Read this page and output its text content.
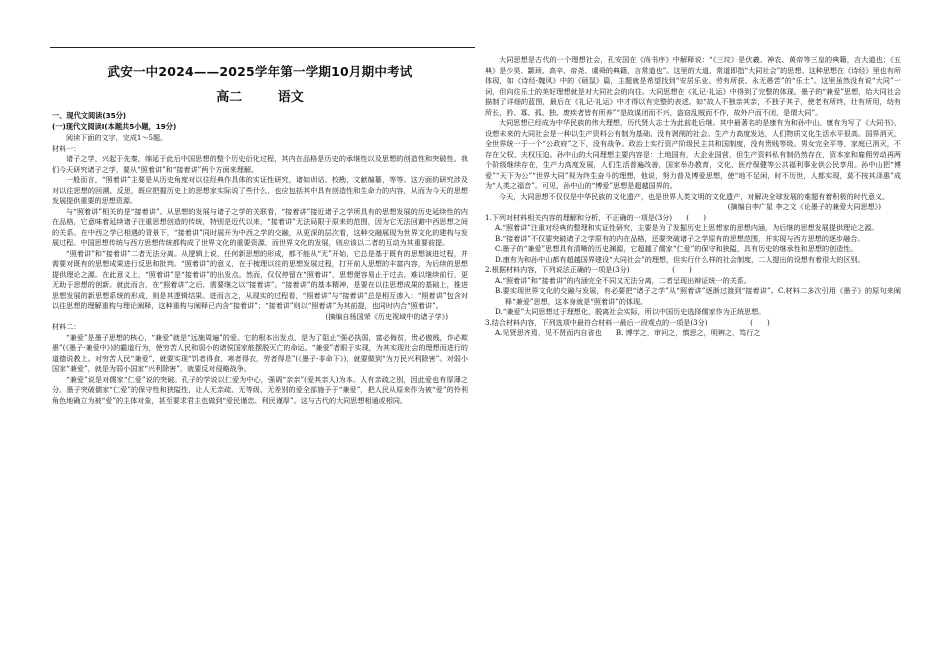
武安一中2024——2025学年第一学期10月期中考试
高二　 语文
一、现代文阅读(35分)
(一)现代文阅读Ⅰ(本题共5小题，19分)

阅读下面的文字，完成1～5题。

材料一：

诸子之学，兴起于先秦，绵延于此后中国思想的整个历史衍化过程，其内在品格是历史的承继性以及思想的创造性和突破性。我们今天研究诸子之学，要从“照着讲”和“接着讲”两个方面来理解。

一般而言，“照着讲”主要是从历史角度对以往经典作具体的实证性研究，诸如训诂、校勘、文献编纂，等等。这方面的研究涉及对以往思想的回溯、反思，既应把握历史上的思想家实际说了些什么，也应包括其中具有创造性和生命力的内容，从而为今天的思想发展提供重要的思想资源。

与“照着讲”相关的是“接着讲”。从思想的发展与诸子之学的关联看，“接着讲”接近诸子之学所具有的思想发展的历史延续性的内在品格，它意味着延续诸子注重思想创造的传统，特别是近代以来，“接着讲”无法局限于原来的范围，因为它无法回避中西思想之间的关系。在中西之学已相遇的背景下，“接着讲”同时展开为中西之学的交融，从更深的层次看，这种交融展现为世界文化的建构与发展过程。中国思想传统与西方思想传统都构成了世界文化的重要资源，而世界文化的发展，则应该以二者的互动为其重要前提。

“照着讲”和“接着讲”二者无法分离。从逻辑上说，任何新思想的形成，都不能从“无”开始，它总是基于既有的思想演进过程，并需要对既有的思想成果进行反思和批判。“照着讲”的意义，在于梳理以往的思想发展过程，打开前人思想的丰富内容，为后续的思想提供理论之源。在此意义上，“照着讲”是“接着讲”的出发点。然而，仅仅停留在“照着讲”，思想便容易止于过去，难以继续前行，更无助于思想的创新。就此而言，在“照着讲”之后，需要继之以“接着讲”。“接着讲”的基本精神，是要在以往思想成果的基础上，推进思想发展的新思想系统的形成，则是其逻辑结果。进而言之，从现实的过程看，“照着讲”与“接着讲”总是相互渗入：“照着讲”包含对以往思想的理解重构与理论阐释，这种重构与阐释已内含“接着讲”；“接着讲”则以“照着讲”为其前提，也同时内合“照着讲”。

(摘编自杨国荣《历史视域中的诸子学》)

材料二：

“兼爱”是墨子思想的核心，“兼爱”就是“远施周遍”的爱。它的根本出发点，是为了阻止“强必执弱，富必侮贫，贵必傲贱，诈必欺愚”(《墨子·兼爱中》)的霸道行为，使穷苦人民和弱小的诸侯国家能摆脱灭亡的命运。“兼爱”者眼于实现，为其实现社会的理想而进行的道德说教上。对穷苦人民“兼爱”，就要实现“饥者得食，寒者得衣，劳者得息”(《墨子·非命下》)，就要做到“为万民兴利除害”。对弱小国家“兼爱”，就是为弱小国家“兴利除害”，就要反对侵略战争。

“兼爱”说是对儒家“仁爱”说的突破。孔子的学说以仁爱为中心，强调“亲亲”(爱其亲人)为本。人有亲疏之别，因此爱也有厚薄之分。墨子突破儒家“仁爱”的保守性和狭隘性，让人无亲疏、无等级、无差别的爱全部施予于“兼爱”，把人民从原来作为被“爱”的怜利角色地确立为被“爱”的主体对象，甚至要求君主也做到“爱民谨忠、利民谨厚”。这与古代的大同思想相通或相同。

大同思想是古代的一个理想社会，孔安国在《尚书序》中解释说：“《三坟》是伏羲、神农、黄帝等三皇的典籍，言大道也；《五典》是少昊、颛顼、高辛、帝尧、虞舜的典籍，言常道也”。这里的大道、常道即指“大同社会”的思想。这种思想在《诗经》里也有所体现，如《诗经·魏风》中的《硕鼠》篇，主题就是希望找到“安居乐业、劳有所获、永无愚苦”的“乐土”。这里虽然没有说“大同”一词，但向往乐土的美好理想就是对大同社会的向往。大同思想在《礼记·礼运》中得到了完整的体现。墨子的“兼爱”思想，给大同社会描制了详细的蓝图，最后在《礼记·礼运》中才得以有完整的表述。如“故人不独亲其亲，不独子其子，使老有所终，壮有所用，幼有所长，矜、寡、孤、独、废疾者皆有所养”“是故谋闭而不兴，盗窃乱贼而不作，故外户而不闭，是谓大同”。

大同思想已经成为中华民族的伟大理想，历代贤人志士为此前赴后继。其中最著名的是康有为和孙中山。康有为写了《大同书》，设想未来的大同社会是一种以生产资料公有制为基础、没有剥削的社会。生产力高度发达，人们物质文化生活水平很高。国界消灭，全世界统一于一个“公政府”之下，没有战争。政治上实行资产阶级民主共和国制度，没有贵贱等级。男女完全平等，家庭已消灭，不存在父权、夫权压迫。孙中山的大同理想主要内容是：土地国有，大企业国营，但生产资料私有制仍然存在，资本家和雇佣劳动再两个阶级继续存在，生产力高度发展，人们生活普遍改善，国家举办教育，文化、医疗保健等公共福利事业供公民享用。孙中山把“博爱”“天下为公”“世界大同”视为终生奋斗的理想，他说，努力普及博爱思想，使“地不足闲，时不历世，人都实现，莫不按其泽惠”成为“人类之福音”。可见，孙中山的“博爱”思想是超越国界的。

今天，大同思想不仅仅是中华民族的文化遗产，也是世界人类文明的文化遗产，对解决全球发展的难题有着积极的时代意义。

(摘编自李广星 李之文《论墨子的兼爱大同思想》)

1.下列对材料相关内容的理解和分析，不正确的一项是(3分)　　(　　)

A.“照着讲”注重对经典的整理和实证性研究，主要是为了发掘历史上思想家的思想内涵，为后继的思想发展提供理论之源。

B.“接着讲”不仅要突破诸子之学原有的内在品格，还要突破诸子之学原有的思想范围，并实现与西方思想的逐步融合。

C.墨子的“兼爱”思想具有清晰的历史渊源，它超越了儒家“仁爱”的保守和狭隘，具有历史的继承性和思想的创造性。

D.康有为和孙中山都有超越国界建设“大同社会”的理想，但实行什么样的社会制度，二人提出的设想有着很大的区别。

2.根据材料内容，下列说法正确的一项是(3分)　　　　　　(　　)

A.“照着讲”和“接着讲”的内涵完全不同又无法分离，二者呈现出辩证统一的关系。

B.要实现世界文化的交融与发展，有必要把“诸子之学”从“照着讲”逐渐过渡到“接着讲”。C.材料二多次引用《墨子》的原句来阐释“兼爱”思想，这本身就是“照着讲”的体现。

D.“兼爱”大同思想过于理想化，脱离社会实际，所以中国历史选择儒家作为正统思想。

3.结合材料内容，下列选项中最符合材料一最后一段观点的一项是(3分)　　　　　　(　　)

A.见贤思齐焉，见不贤而内自省也　　B. 博学之，审问之，慎思之，明辨之，笃行之
